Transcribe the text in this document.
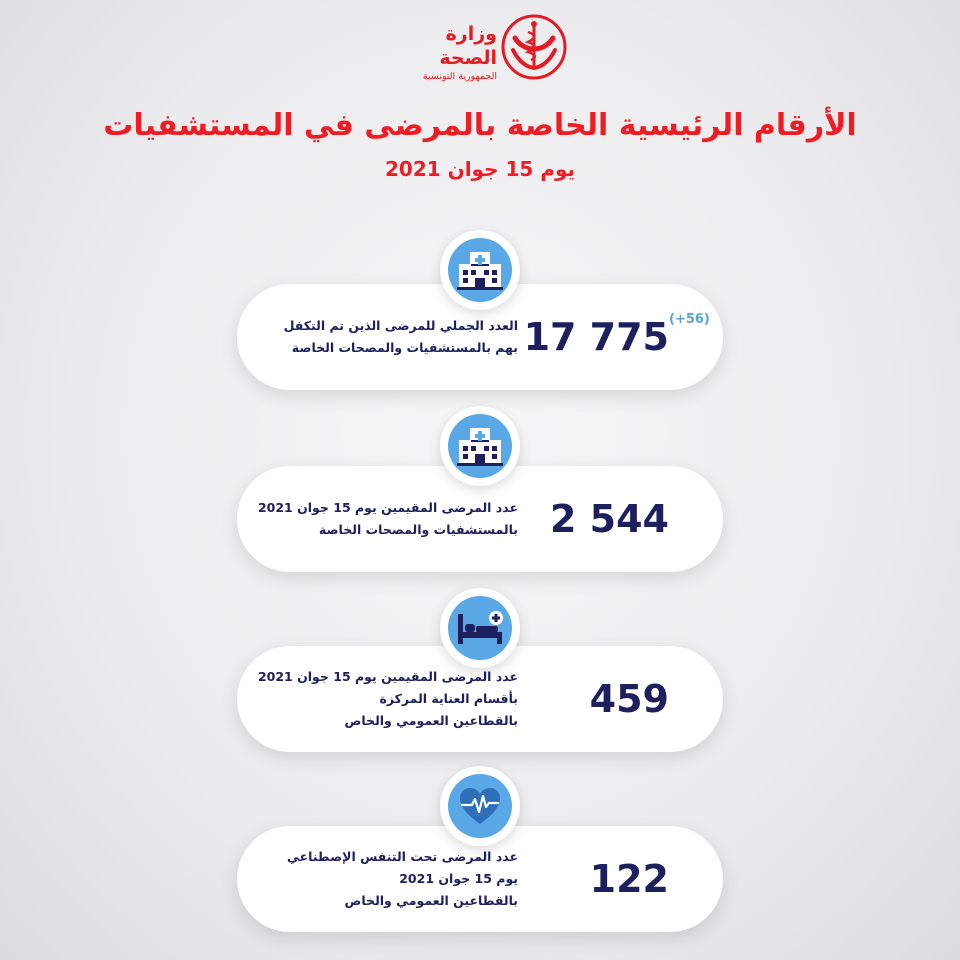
وزارة الصحة
الجمهورية التونسية
الأرقام الرئيسية الخاصة بالمرضى في المستشفيات
يوم 15 جوان 2021
17 775 (+56)
العدد الجملي للمرضى الذين تم التكفل
بهم بالمستشفيات والمصحات الخاصة
2 544
عدد المرضى المقيمين يوم 15 جوان 2021
بالمستشفيات والمصحات الخاصة
459
عدد المرضى المقيمين يوم 15 جوان 2021
بأقسام العناية المركزة
بالقطاعين العمومي والخاص
122
عدد المرضى تحت التنفس الإصطناعي
يوم 15 جوان 2021
بالقطاعين العمومي والخاص
